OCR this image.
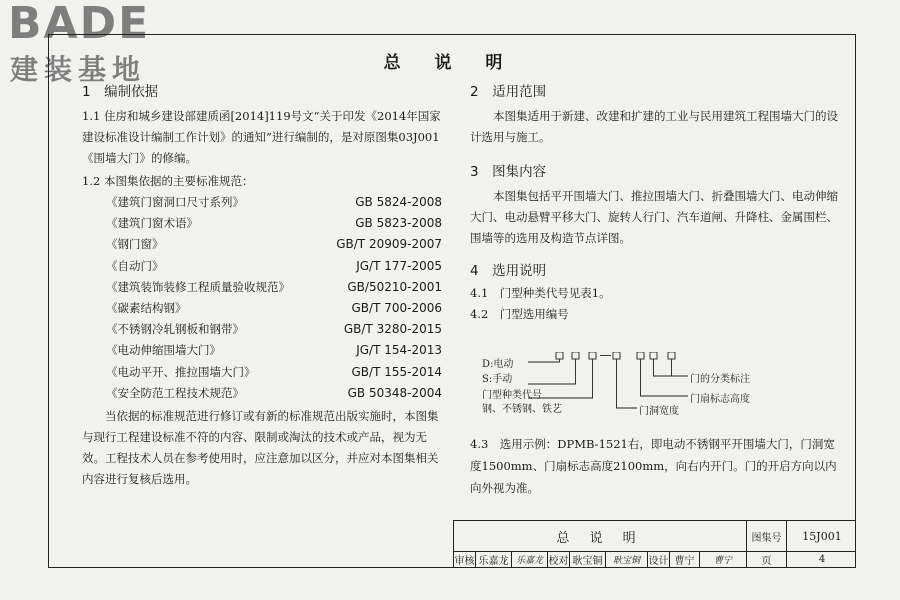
BADE
建装基地	总 说 明

1　编制依据

1.1 住房和城乡建设部建质函[2014]119号文“关于印发《2014年国家建设标准设计编制工作计划》的通知”进行编制的，是对原图集03J001《围墙大门》的修编。

1.2 本图集依据的主要标准规范：

《建筑门窗洞口尺寸系列》	GB 5824-2008
《建筑门窗术语》	GB 5823-2008
《钢门窗》	GB/T 20909-2007
《自动门》	JG/T 177-2005
《建筑装饰装修工程质量验收规范》	GB/50210-2001
《碳素结构钢》	GB/T 700-2006
《不锈钢冷轧钢板和钢带》	GB/T 3280-2015
《电动伸缩围墙大门》	JG/T 154-2013
《电动平开、推拉围墙大门》	GB/T 155-2014
《安全防范工程技术规范》	GB 50348-2004

当依据的标准规范进行修订或有新的标准规范出版实施时，本图集与现行工程建设标准不符的内容、限制或淘汰的技术或产品，视为无效。工程技术人员在参考使用时，应注意加以区分，并应对本图集相关内容进行复核后选用。

2　适用范围

本图集适用于新建、改建和扩建的工业与民用建筑工程围墙大门的设计选用与施工。

3　图集内容

本图集包括平开围墙大门、推拉围墙大门、折叠围墙大门、电动伸缩大门、电动悬臂平移大门、旋转人行门、汽车道闸、升降柱、金属围栏、围墙等的选用及构造节点详图。

4　选用说明

4.1　门型种类代号见表1。

4.2　门型选用编号

D:电动
S:手动
门型种类代号
钢、不锈钢、铁艺
门的分类标注
门扇标志高度
门洞宽度

4.3　选用示例：DPMB-1521右，即电动不锈钢平开围墙大门，门洞宽度1500mm、门扇标志高度2100mm，向右内开门。门的开启方向以内向外视为准。

总 说 明	图集号	15J001
审核 乐嘉龙 乐嘉龙 校对 耿宝铜	耿宝铜 设计 曹宁	曹宁	页	4
